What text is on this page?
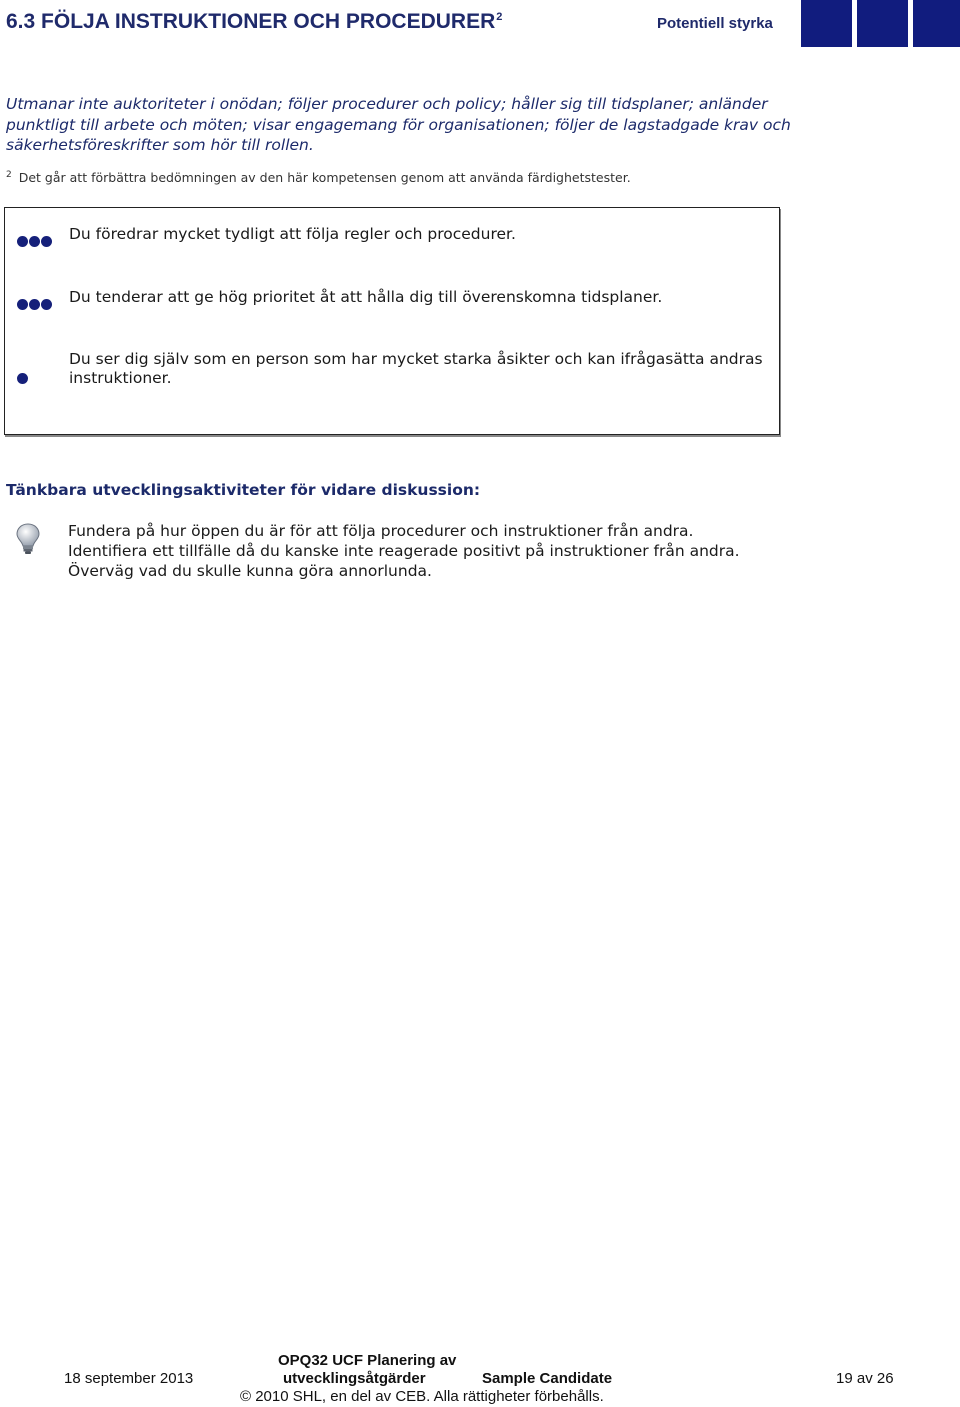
6.3 FÖLJA INSTRUKTIONER OCH PROCEDURER$^2$	Potentiell styrka
Utmanar inte auktoriteter i onödan; följer procedurer och policy; håller sig till tidsplaner; anländer punktligt till arbete och möten; visar engagemang för organisationen; följer de lagstadgade krav och säkerhetsföreskrifter som hör till rollen.
$^2$ Det går att förbättra bedömningen av den här kompetensen genom att använda färdighetstester.
Du föredrar mycket tydligt att följa regler och procedurer.
Du tenderar att ge hög prioritet åt att hålla dig till överenskomna tidsplaner.
Du ser dig själv som en person som har mycket starka åsikter och kan ifrågasätta andras instruktioner.
Tänkbara utvecklingsaktiviteter för vidare diskussion:
Fundera på hur öppen du är för att följa procedurer och instruktioner från andra. Identifiera ett tillfälle då du kanske inte reagerade positivt på instruktioner från andra. Överväg vad du skulle kunna göra annorlunda.
18 september 2013
OPQ32 UCF Planering av
utvecklingsåtgärder	Sample Candidate	19 av 26
© 2010 SHL, en del av CEB. Alla rättigheter förbehålls.
